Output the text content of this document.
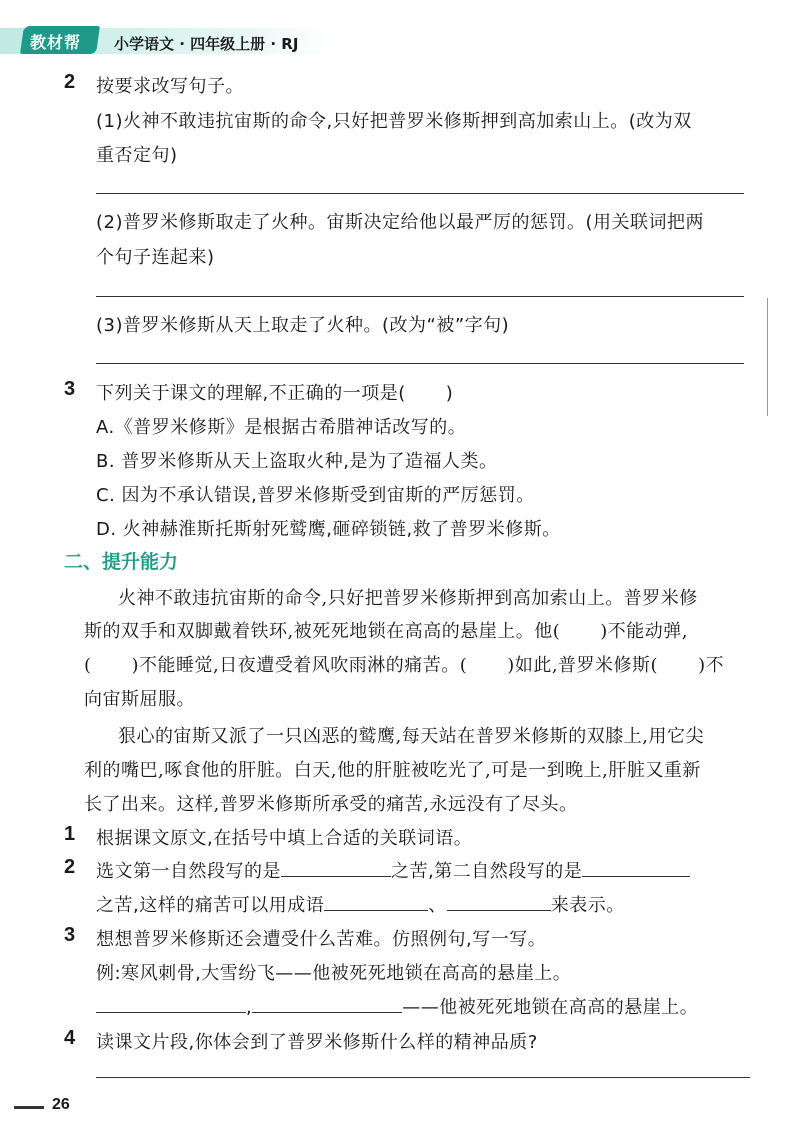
教材帮 小学语文 · 四年级上册 · RJ
2 按要求改写句子。
(1)火神不敢违抗宙斯的命令,只好把普罗米修斯押到高加索山上。(改为双
重否定句)
(2)普罗米修斯取走了火种。宙斯决定给他以最严厉的惩罚。(用关联词把两
个句子连起来)
(3)普罗米修斯从天上取走了火种。(改为“被”字句)
3 下列关于课文的理解,不正确的一项是( )
A.《普罗米修斯》是根据古希腊神话改写的。
B. 普罗米修斯从天上盗取火种,是为了造福人类。
C. 因为不承认错误,普罗米修斯受到宙斯的严厉惩罚。
D. 火神赫淮斯托斯射死鹫鹰,砸碎锁链,救了普罗米修斯。
二、提升能力
火神不敢违抗宙斯的命令,只好把普罗米修斯押到高加索山上。普罗米修
斯的双手和双脚戴着铁环,被死死地锁在高高的悬崖上。他( )不能动弹,
( )不能睡觉,日夜遭受着风吹雨淋的痛苦。( )如此,普罗米修斯( )不
向宙斯屈服。
狠心的宙斯又派了一只凶恶的鹫鹰,每天站在普罗米修斯的双膝上,用它尖
利的嘴巴,啄食他的肝脏。白天,他的肝脏被吃光了,可是一到晚上,肝脏又重新
长了出来。这样,普罗米修斯所承受的痛苦,永远没有了尽头。
1 根据课文原文,在括号中填上合适的关联词语。
2 选文第一自然段写的是	之苦,第二自然段写的是
之苦,这样的痛苦可以用成语	、	来表示。
3 想想普罗米修斯还会遭受什么苦难。仿照例句,写一写。
例:寒风刺骨,大雪纷飞——他被死死地锁在高高的悬崖上。
,	——他被死死地锁在高高的悬崖上。
4 读课文片段,你体会到了普罗米修斯什么样的精神品质?
26
